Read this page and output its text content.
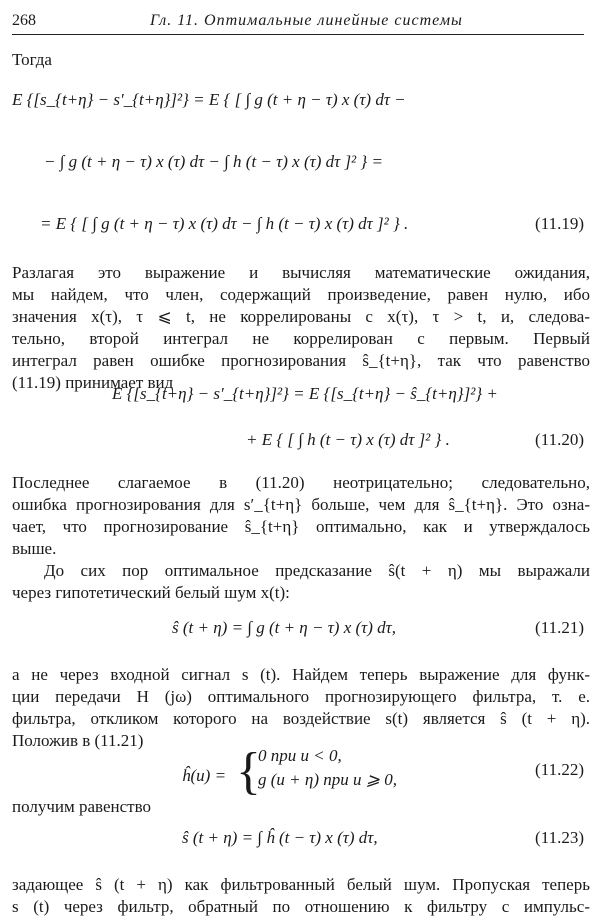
268	Гл. 11. Оптимальные линейные системы
Тогда
E {[s_{t+η} − s′_{t+η}]²} = E { [ ∫ g (t + η − τ) x (τ) dτ −
− ∫ g (t + η − τ) x (τ) dτ − ∫ h (t − τ) x (τ) dτ ]² } =
= E { [ ∫ g (t + η − τ) x (τ) dτ − ∫ h (t − τ) x (τ) dτ ]² } .	(11.19)
Разлагая это выражение и вычисляя математические ожидания,
мы найдем, что член, содержащий произведение, равен нулю, ибо
значения x(τ), τ ⩽ t, не коррелированы с x(τ), τ > t, и, следова-
тельно, второй интеграл не коррелирован с первым. Первый
интеграл равен ошибке прогнозирования ŝ_{t+η}, так что равенство
(11.19) принимает вид
E {[s_{t+η} − s′_{t+η}]²} = E {[s_{t+η} − ŝ_{t+η}]²} +
+ E { [ ∫ h (t − τ) x (τ) dτ ]² } .	(11.20)
Последнее слагаемое в (11.20) неотрицательно; следовательно,
ошибка прогнозирования для s′_{t+η} больше, чем для ŝ_{t+η}. Это озна-
чает, что прогнозирование ŝ_{t+η} оптимально, как и утверждалось
выше.
До сих пор оптимальное предсказание ŝ(t + η) мы выражали
через гипотетический белый шум x(t):
ŝ (t + η) = ∫ g (t + η − τ) x (τ) dτ,	(11.21)
а не через входной сигнал s (t). Найдем теперь выражение для функ-
ции передачи H (jω) оптимального прогнозирующего фильтра, т. е.
фильтра, откликом которого на воздействие s(t) является ŝ (t + η).
Положив в (11.21)
ĥ(u) = {
0 при u < 0,
g (u + η) при u ⩾ 0,
(11.22)
получим равенство
ŝ (t + η) = ∫ ĥ (t − τ) x (τ) dτ,	(11.23)
задающее ŝ (t + η) как фильтрованный белый шум. Пропуская теперь
s (t) через фильтр, обратный по отношению к фильтру с импульс-
